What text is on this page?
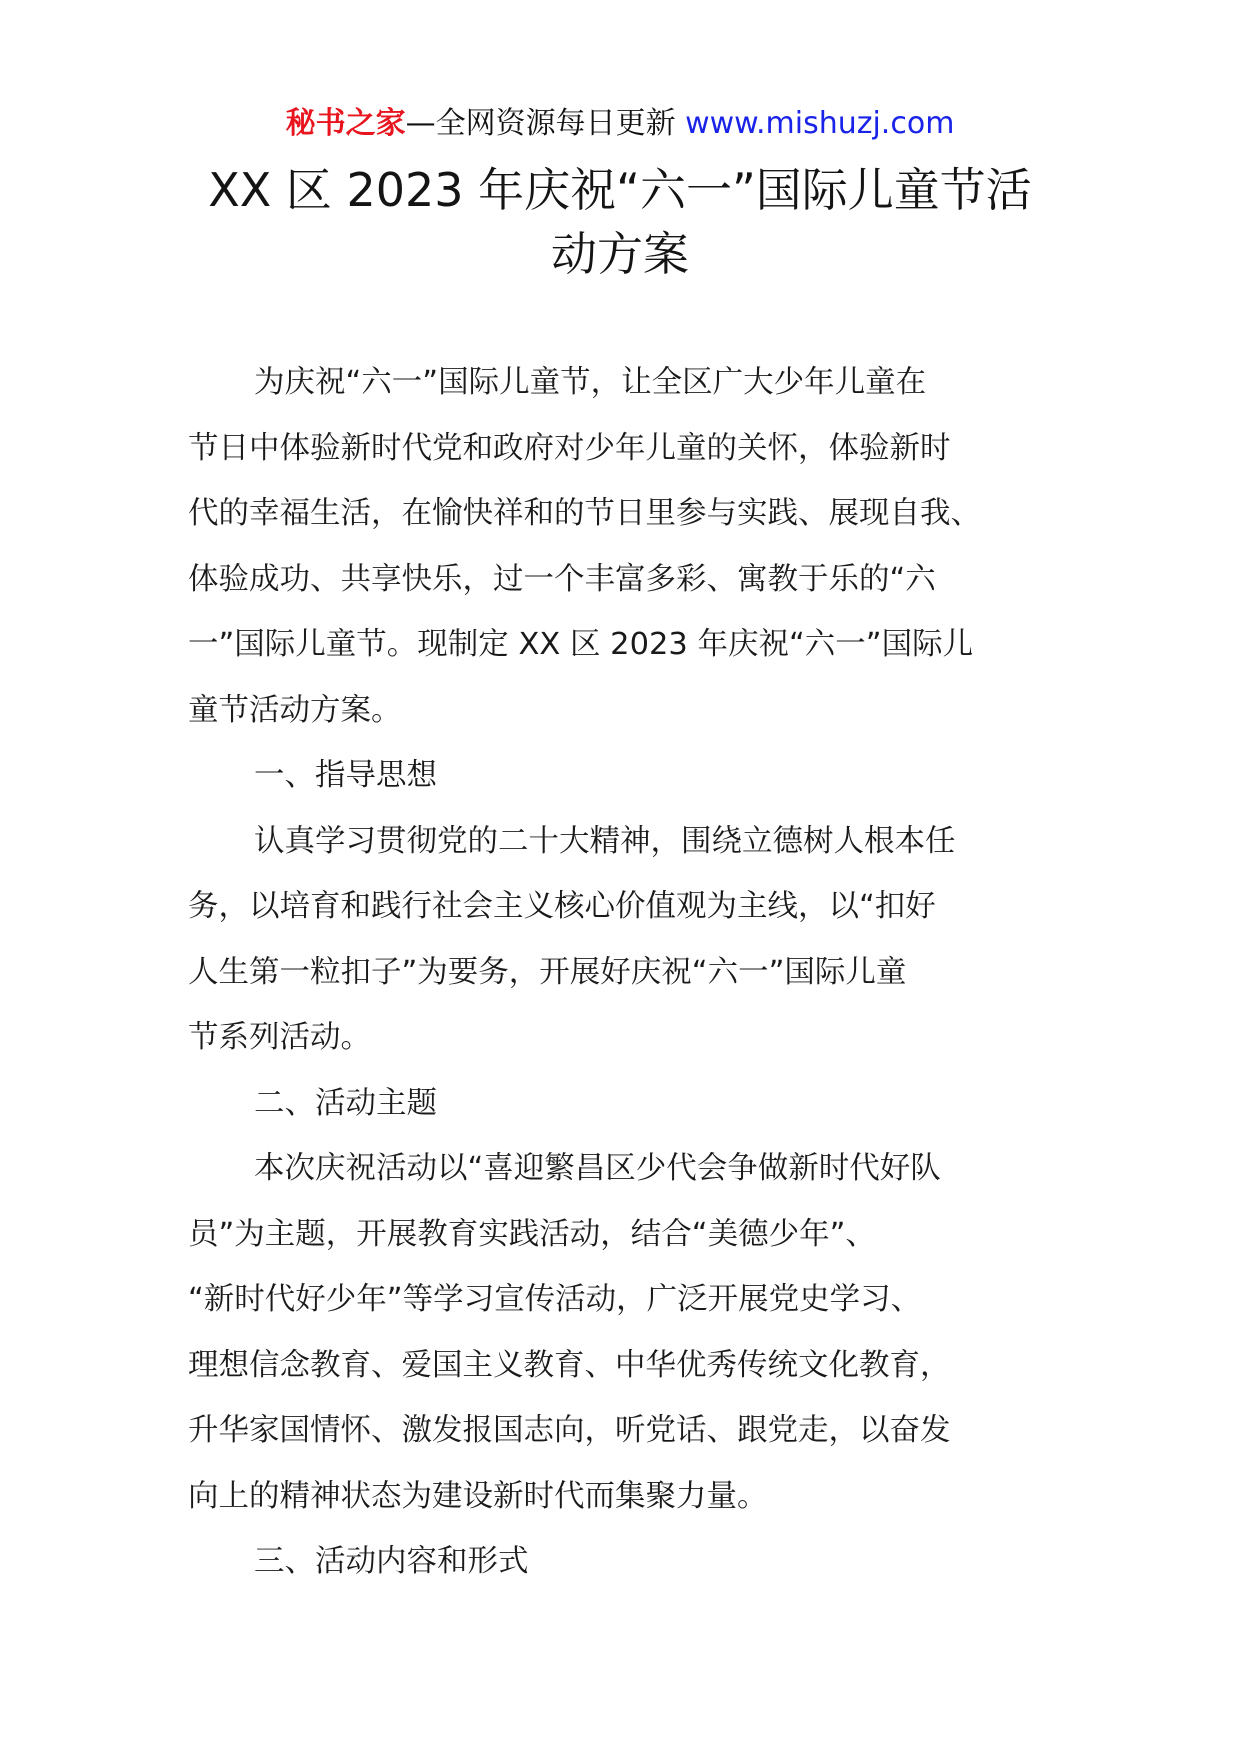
秘书之家—全网资源每日更新 www.mishuzj.com
XX 区 2023 年庆祝“六一”国际儿童节活
动方案

为庆祝“六一”国际儿童节，让全区广大少年儿童在
节日中体验新时代党和政府对少年儿童的关怀，体验新时
代的幸福生活，在愉快祥和的节日里参与实践、展现自我、
体验成功、共享快乐，过一个丰富多彩、寓教于乐的“六
一”国际儿童节。现制定 XX 区 2023 年庆祝“六一”国际儿
童节活动方案。

一、指导思想

认真学习贯彻党的二十大精神，围绕立德树人根本任
务，以培育和践行社会主义核心价值观为主线，以“扣好
人生第一粒扣子”为要务，开展好庆祝“六一”国际儿童
节系列活动。

二、活动主题

本次庆祝活动以“喜迎繁昌区少代会争做新时代好队
员”为主题，开展教育实践活动，结合“美德少年”、
“新时代好少年”等学习宣传活动，广泛开展党史学习、
理想信念教育、爱国主义教育、中华优秀传统文化教育，
升华家国情怀、激发报国志向，听党话、跟党走，以奋发
向上的精神状态为建设新时代而集聚力量。

三、活动内容和形式
